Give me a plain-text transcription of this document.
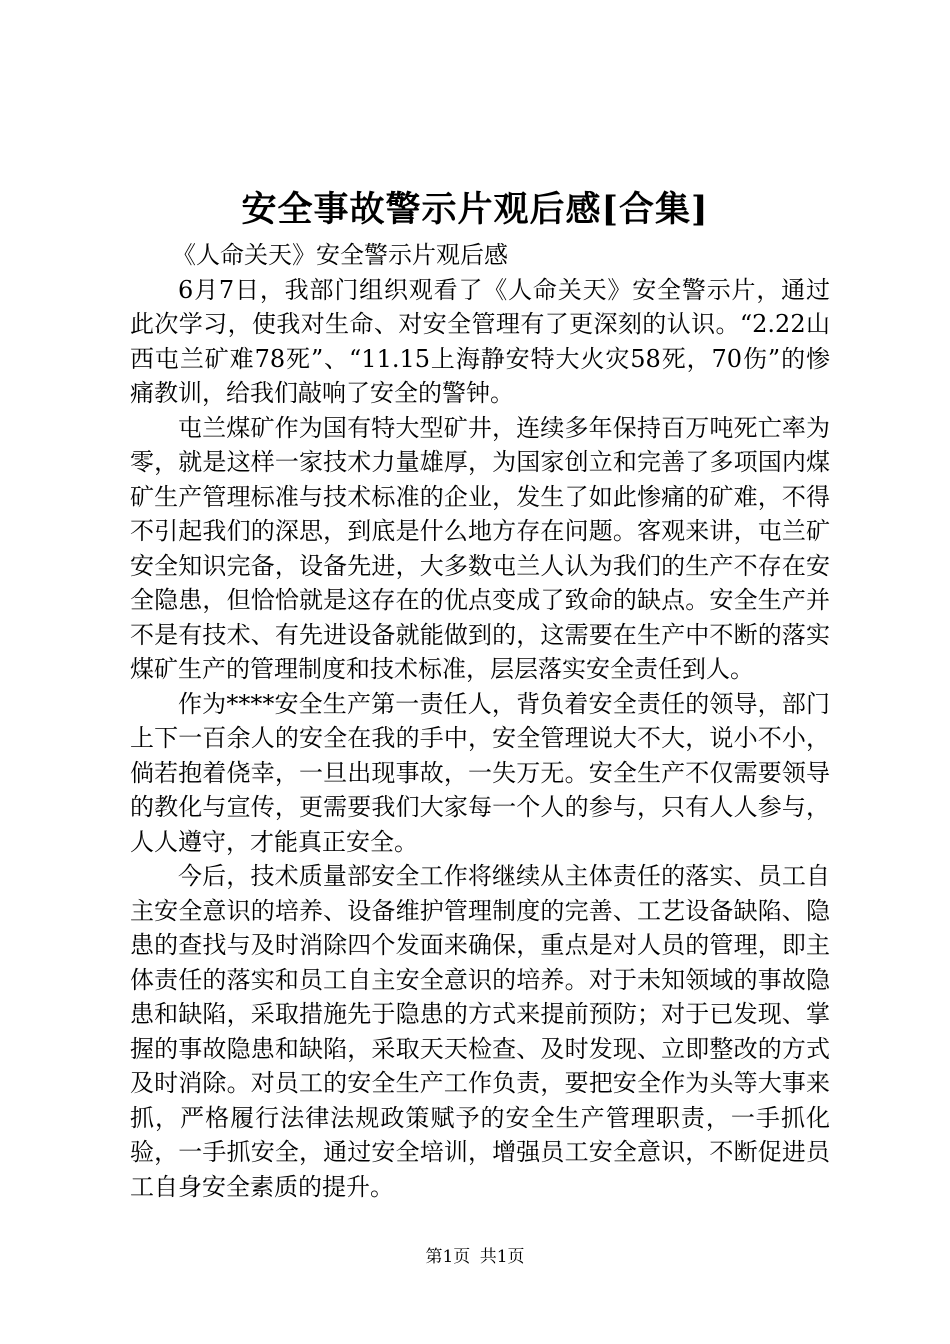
安全事故警示片观后感[合集]

《人命关天》安全警示片观后感

6月7日，我部门组织观看了《人命关天》安全警示片，通过此次学习，使我对生命、对安全管理有了更深刻的认识。“2.22山西屯兰矿难78死”、“11.15上海静安特大火灾58死，70伤”的惨痛教训，给我们敲响了安全的警钟。

屯兰煤矿作为国有特大型矿井，连续多年保持百万吨死亡率为零，就是这样一家技术力量雄厚，为国家创立和完善了多项国内煤矿生产管理标准与技术标准的企业，发生了如此惨痛的矿难，不得不引起我们的深思，到底是什么地方存在问题。客观来讲，屯兰矿安全知识完备，设备先进，大多数屯兰人认为我们的生产不存在安全隐患，但恰恰就是这存在的优点变成了致命的缺点。安全生产并不是有技术、有先进设备就能做到的，这需要在生产中不断的落实煤矿生产的管理制度和技术标准，层层落实安全责任到人。

作为****安全生产第一责任人，背负着安全责任的领导，部门上下一百余人的安全在我的手中，安全管理说大不大，说小不小，倘若抱着侥幸，一旦出现事故，一失万无。安全生产不仅需要领导的教化与宣传，更需要我们大家每一个人的参与，只有人人参与，人人遵守，才能真正安全。

今后，技术质量部安全工作将继续从主体责任的落实、员工自主安全意识的培养、设备维护管理制度的完善、工艺设备缺陷、隐患的查找与及时消除四个发面来确保，重点是对人员的管理，即主体责任的落实和员工自主安全意识的培养。对于未知领域的事故隐患和缺陷，采取措施先于隐患的方式来提前预防；对于已发现、掌握的事故隐患和缺陷，采取天天检查、及时发现、立即整改的方式及时消除。对员工的安全生产工作负责，要把安全作为头等大事来抓，严格履行法律法规政策赋予的安全生产管理职责，一手抓化验，一手抓安全，通过安全培训，增强员工安全意识，不断促进员工自身安全素质的提升。

第1页 共1页
